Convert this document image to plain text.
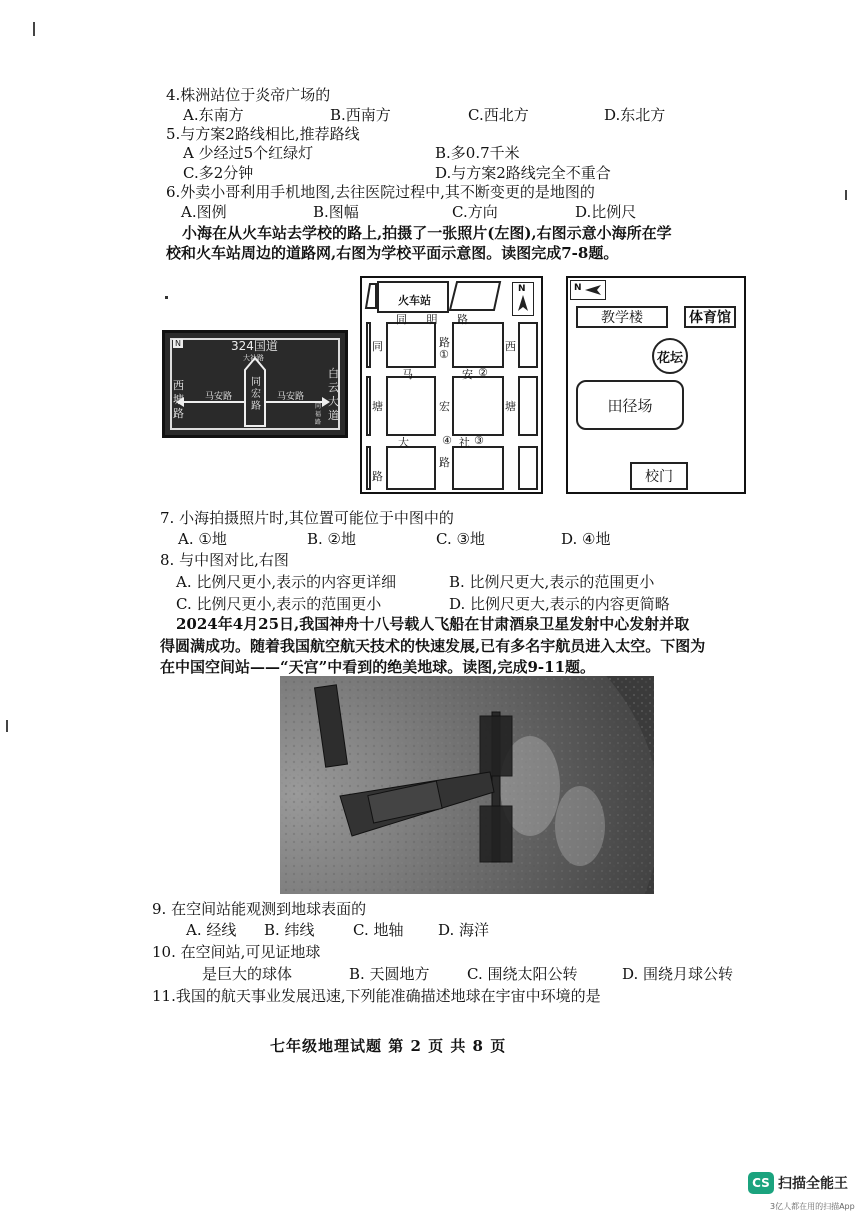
4.株洲站位于炎帝广场的
A.东南方	B.西南方	C.西北方	D.东北方
5.与方案2路线相比,推荐路线
A 少经过5个红绿灯	B.多0.7千米
C.多2分钟	D.与方案2路线完全不重合
6.外卖小哥利用手机地图,去往医院过程中,其不断变更的是地图的
A.图例	B.图幅	C.方向	D.比例尺
小海在从火车站去学校的路上,拍摄了一张照片(左图),右图示意小海所在学
校和火车站周边的道路网,右图为学校平面示意图。读图完成7-8题。
N	324国道
大社路
同宏路
马安路	马安路
西塘路
白云大道
同福路
火车站
N
同 明 路
同
①
路	西
马	安 ②
塘	宏	塘
大	④ 社 ③
路
路
N
教学楼	体育馆
花坛
田径场
校门
7. 小海拍摄照片时,其位置可能位于中图中的
A. ①地	B. ②地	C. ③地	D. ④地
8. 与中图对比,右图
A. 比例尺更小,表示的内容更详细	B. 比例尺更大,表示的范围更小
C. 比例尺更小,表示的范围更小	D. 比例尺更大,表示的内容更简略
2024年4月25日,我国神舟十八号载人飞船在甘肃酒泉卫星发射中心发射并取
得圆满成功。随着我国航空航天技术的快速发展,已有多名宇航员进入太空。下图为
在中国空间站——“天宫”中看到的绝美地球。读图,完成9-11题。
9. 在空间站能观测到地球表面的
A. 经线 B. 纬线	C. 地轴 D. 海洋
10. 在空间站,可见证地球
是巨大的球体	B. 天圆地方 C. 围绕太阳公转	D. 围绕月球公转
11.我国的航天事业发展迅速,下列能准确描述地球在宇宙中环境的是
七年级地理试题 第 2 页 共 8 页
CS 扫描全能王
3亿人都在用的扫描App
